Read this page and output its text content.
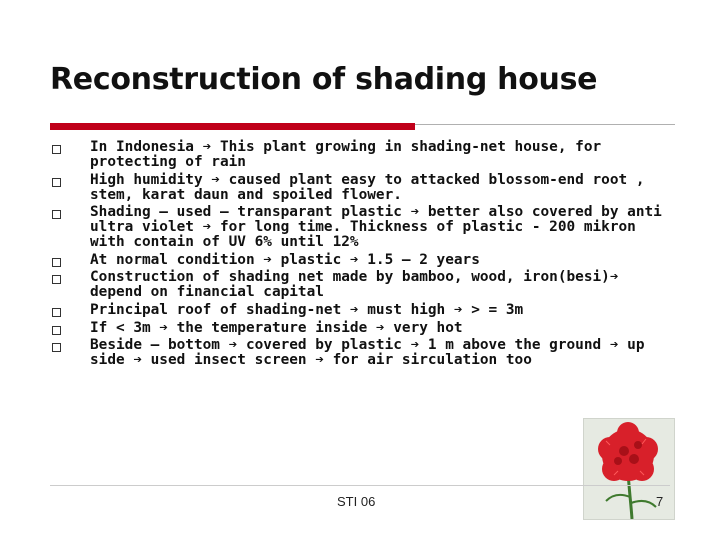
Reconstruction of shading house
In Indonesia ➔ This plant growing in shading-net house, for protecting of rain
High humidity ➔ caused plant easy to attacked blossom-end root , stem, karat daun and spoiled flower.
Shading – used – transparant plastic ➔ better also covered by anti ultra violet ➔ for long time. Thickness of plastic - 200 mikron with contain of UV 6% until 12%
At normal condition ➔ plastic ➔ 1.5 – 2 years
Construction of shading net made by bamboo, wood, iron(besi)➔ depend on financial capital
Principal roof of shading-net ➔ must high ➔ > = 3m
If < 3m ➔ the temperature inside ➔ very hot
Beside – bottom ➔ covered by plastic ➔ 1 m above the ground ➔ up side ➔ used insect screen ➔ for air sirculation too
STI 06	7
